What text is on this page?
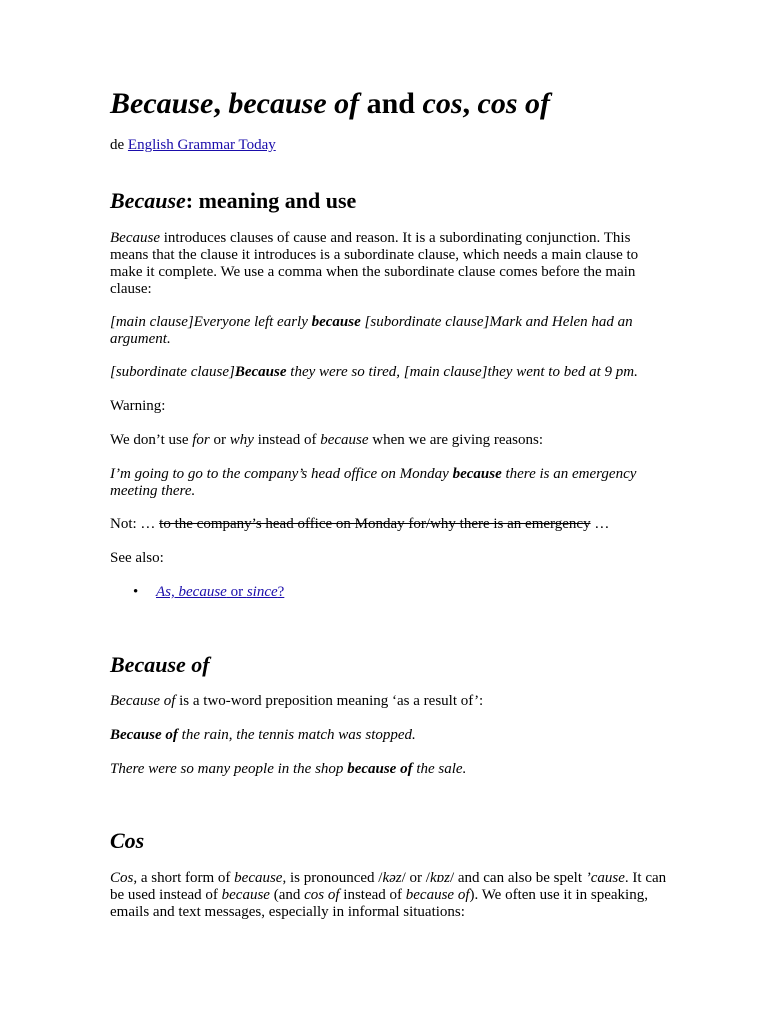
Because, because of and cos, cos of

de English Grammar Today

Because: meaning and use

Because introduces clauses of cause and reason. It is a subordinating conjunction. This means that the clause it introduces is a subordinate clause, which needs a main clause to make it complete. We use a comma when the subordinate clause comes before the main clause:

[main clause]Everyone left early because [subordinate clause]Mark and Helen had an argument.

[subordinate clause]Because they were so tired, [main clause]they went to bed at 9 pm.

Warning:

We don’t use for or why instead of because when we are giving reasons:

I’m going to go to the company’s head office on Monday because there is an emergency meeting there.

Not: … to the company’s head office on Monday for/why there is an emergency …

See also:

• As, because or since?
Because of

Because of is a two-word preposition meaning ‘as a result of’:

Because of the rain, the tennis match was stopped.

There were so many people in the shop because of the sale.

Cos

Cos, a short form of because, is pronounced /kəz/ or /kɒz/ and can also be spelt ’cause. It can be used instead of because (and cos of instead of because of). We often use it in speaking, emails and text messages, especially in informal situations:
